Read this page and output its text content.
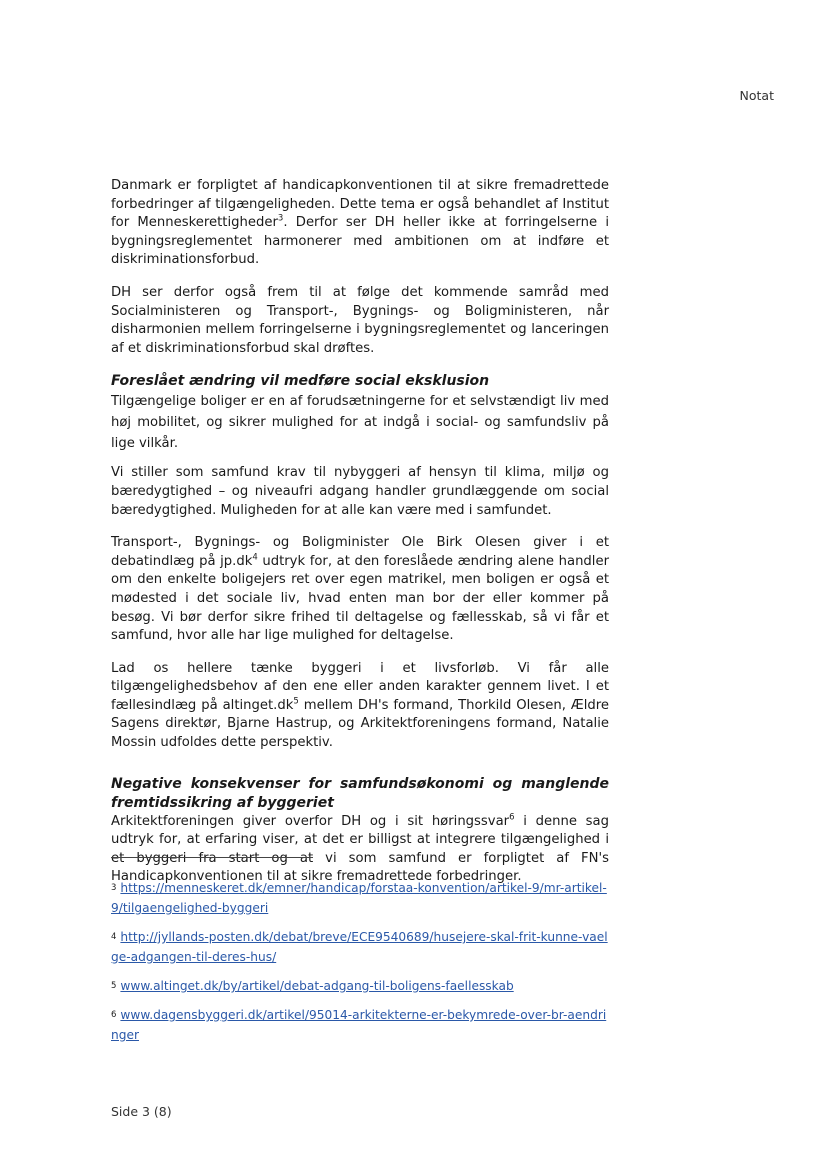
Notat

Danmark er forpligtet af handicapkonventionen til at sikre fremadrettede forbedringer af tilgængeligheden. Dette tema er også behandlet af Institut for Menneskerettigheder$^3$. Derfor ser DH heller ikke at forringelserne i bygningsreglementet harmonerer med ambitionen om at indføre et diskriminationsforbud.

DH ser derfor også frem til at følge det kommende samråd med Socialministeren og Transport-, Bygnings- og Boligministeren, når disharmonien mellem forringelserne i bygningsreglementet og lanceringen af et diskriminationsforbud skal drøftes.

Foreslået ændring vil medføre social eksklusion

Tilgængelige boliger er en af forudsætningerne for et selvstændigt liv med høj mobilitet, og sikrer mulighed for at indgå i social- og samfundsliv på lige vilkår.

Vi stiller som samfund krav til nybyggeri af hensyn til klima, miljø og bæredygtighed – og niveaufri adgang handler grundlæggende om social bæredygtighed. Muligheden for at alle kan være med i samfundet.

Transport-, Bygnings- og Boligminister Ole Birk Olesen giver i et debatindlæg på $jp.dk^4$ udtryk for, at den foreslåede ændring alene handler om den enkelte boligejers ret over egen matrikel, men boligen er også et mødested i det sociale liv, hvad enten man bor der eller kommer på besøg. Vi bør derfor sikre frihed til deltagelse og fællesskab, så vi får et samfund, hvor alle har lige mulighed for deltagelse.

Lad os hellere tænke byggeri i et livsforløb. Vi får alle tilgængelighedsbehov af den ene eller anden karakter gennem livet. I et fællesindlæg på $altinget.dk^5$ mellem DH's formand, Thorkild Olesen, Ældre Sagens direktør, Bjarne Hastrup, og Arkitektforeningens formand, Natalie Mossin udfoldes dette perspektiv.

Negative konsekvenser for samfundsøkonomi og manglende fremtidssikring af byggeriet

Arkitektforeningen giver overfor DH og i sit høringssvar$^6$ i denne sag udtryk for, at erfaring viser, at det er billigst at integrere tilgængelighed i et byggeri fra start og at vi som samfund er forpligtet af FN's Handicapkonventionen til at sikre fremadrettede forbedringer.

$^3$ https://menneskeret.dk/emner/handicap/forstaa-konvention/artikel-9/mr-artikel-9/tilgaengelighed-byggeri
$^4$ http://jyllands-posten.dk/debat/breve/ECE9540689/husejere-skal-frit-kunne-vaelge-adgangen-til-deres-hus/
$^5$ www.altinget.dk/by/artikel/debat-adgang-til-boligens-faellesskab
$^6$ www.dagensbyggeri.dk/artikel/95014-arkitekterne-er-bekymrede-over-br-aendringer
Side 3 (8)
